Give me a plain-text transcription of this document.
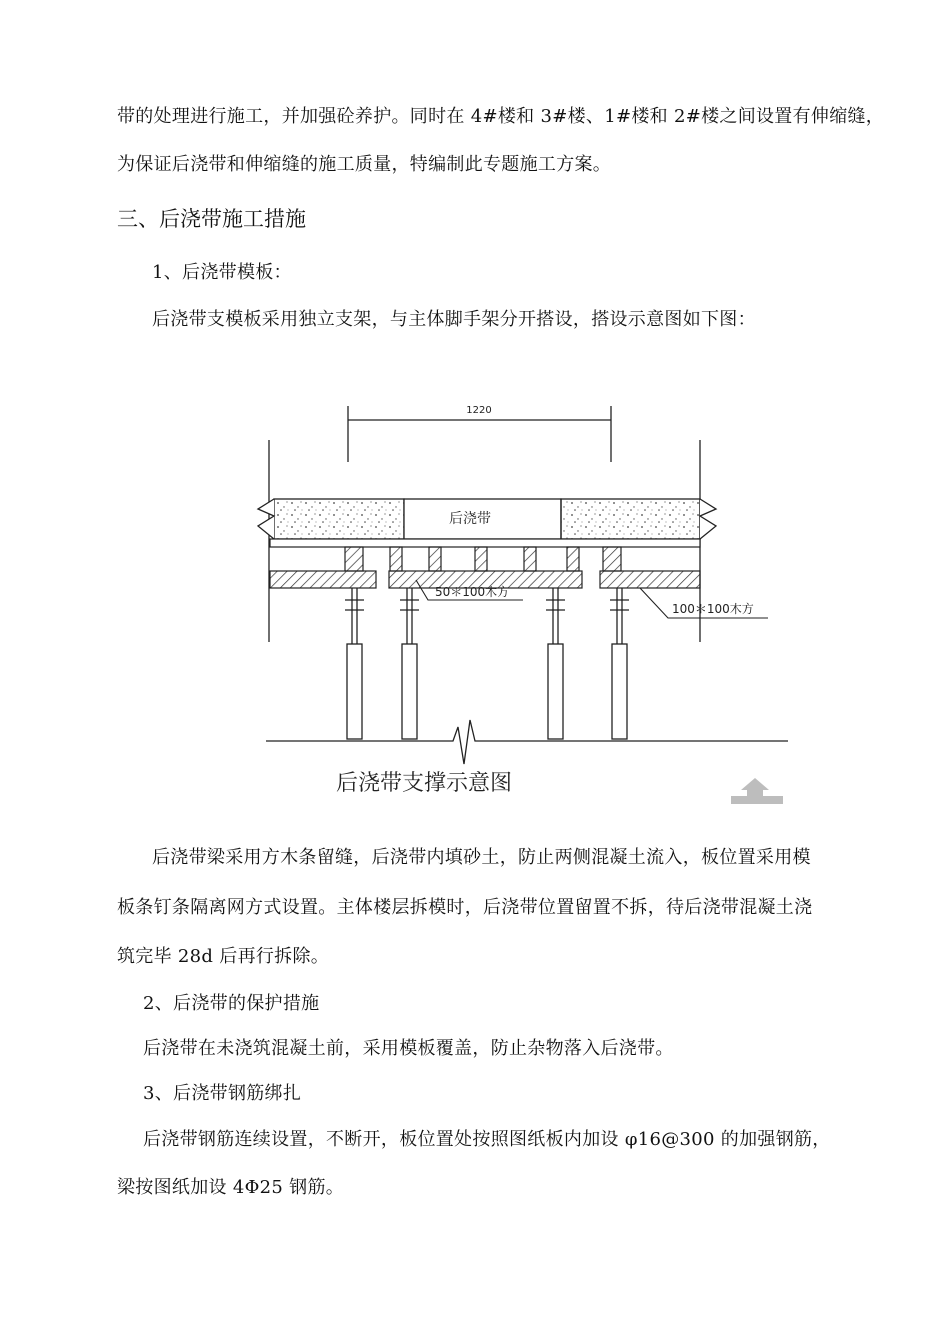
带的处理进行施工，并加强砼养护。同时在 4#楼和 3#楼、1#楼和 2#楼之间设置有伸缩缝，
为保证后浇带和伸缩缝的施工质量，特编制此专题施工方案。
三、后浇带施工措施
1、后浇带模板：
后浇带支模板采用独立支架，与主体脚手架分开搭设，搭设示意图如下图：
1220
后浇带
50＊100木方
100＊100木方
后浇带支撑示意图
后浇带梁采用方木条留缝，后浇带内填砂土，防止两侧混凝土流入，板位置采用模
板条钉条隔离网方式设置。主体楼层拆模时，后浇带位置留置不拆，待后浇带混凝土浇
筑完毕 28d 后再行拆除。
2、后浇带的保护措施
后浇带在未浇筑混凝土前，采用模板覆盖，防止杂物落入后浇带。
3、后浇带钢筋绑扎
后浇带钢筋连续设置，不断开，板位置处按照图纸板内加设 φ16@300 的加强钢筋，
梁按图纸加设 4Φ25 钢筋。
